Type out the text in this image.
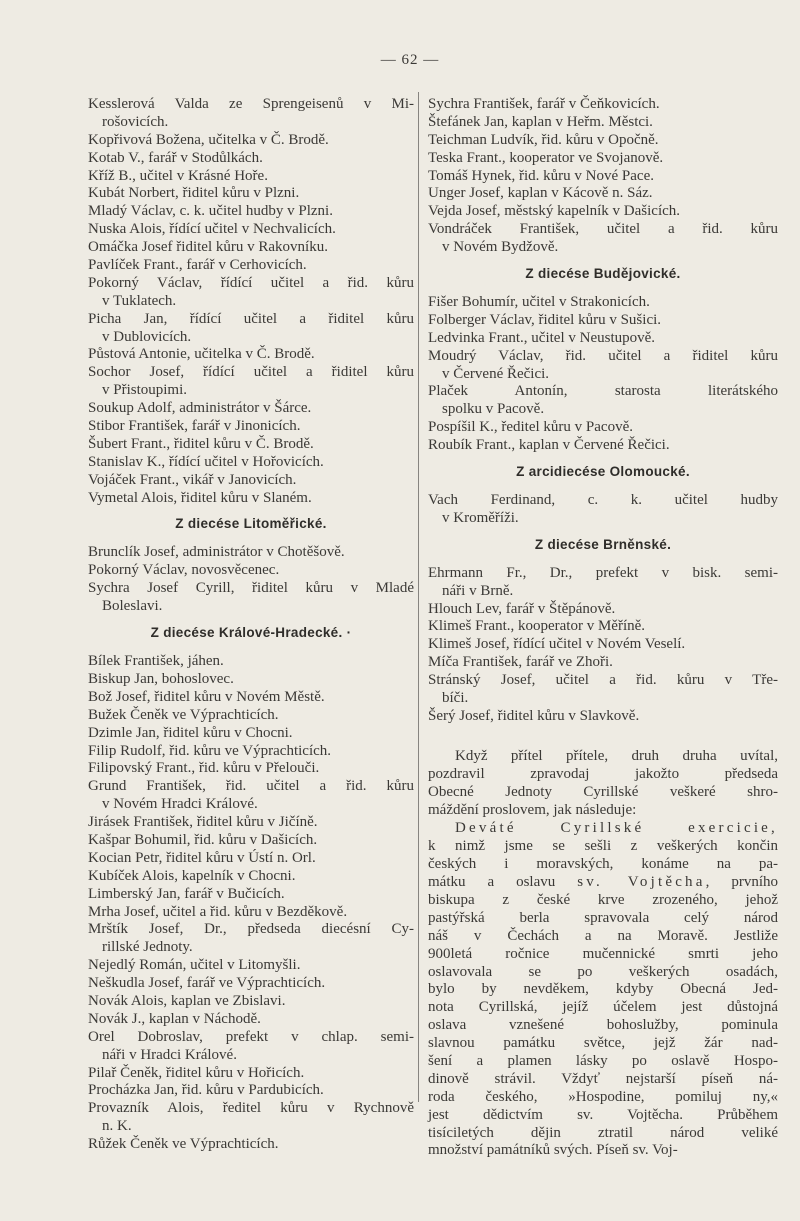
— 62 —
Kesslerová Valda ze Sprengeisenů v Mi-
rošovicích.
Kopřivová Božena, učitelka v Č. Brodě.
Kotab V., farář v Stodůlkách.
Kříž B., učitel v Krásné Hoře.
Kubát Norbert, řiditel kůru v Plzni.
Mladý Václav, c. k. učitel hudby v Plzni.
Nuska Alois, řídící učitel v Nechvalicích.
Omáčka Josef řiditel kůru v Rakovníku.
Pavlíček Frant., farář v Cerhovicích.
Pokorný Václav, řídící učitel a řid. kůru
v Tuklatech.
Picha Jan, řídící učitel a řiditel kůru
v Dublovicích.
Půstová Antonie, učitelka v Č. Brodě.
Sochor Josef, řídící učitel a řiditel kůru
v Přistoupimi.
Soukup Adolf, administrátor v Šárce.
Stibor František, farář v Jinonicích.
Šubert Frant., řiditel kůru v Č. Brodě.
Stanislav K., řídící učitel v Hořovicích.
Vojáček Frant., vikář v Janovicích.
Vymetal Alois, řiditel kůru v Slaném.
Z diecése Litoměřické.
Brunclík Josef, administrátor v Chotěšově.
Pokorný Václav, novosvěcenec.
Sychra Josef Cyrill, řiditel kůru v Mladé
Boleslavi.
Z diecése Králové-Hradecké. ·
Bílek František, jáhen.
Biskup Jan, bohoslovec.
Bož Josef, řiditel kůru v Novém Městě.
Bužek Čeněk ve Výprachticích.
Dzimle Jan, řiditel kůru v Chocni.
Filip Rudolf, řid. kůru ve Výprachticích.
Filipovský Frant., řid. kůru v Přelouči.
Grund František, řid. učitel a řid. kůru
v Novém Hradci Králové.
Jirásek František, řiditel kůru v Jičíně.
Kašpar Bohumil, řid. kůru v Dašicích.
Kocian Petr, řiditel kůru v Ústí n. Orl.
Kubíček Alois, kapelník v Chocni.
Limberský Jan, farář v Bučicích.
Mrha Josef, učitel a řid. kůru v Bezděkově.
Mrštík Josef, Dr., předseda diecésní Cy-
rillské Jednoty.
Nejedlý Román, učitel v Litomyšli.
Neškudla Josef, farář ve Výprachticích.
Novák Alois, kaplan ve Zbislavi.
Novák J., kaplan v Náchodě.
Orel Dobroslav, prefekt v chlap. semi-
náři v Hradci Králové.
Pilař Čeněk, řiditel kůru v Hořicích.
Procházka Jan, řid. kůru v Pardubicích.
Provazník Alois, ředitel kůru v Rychnově
n. K.
Růžek Čeněk ve Výprachticích.
Sychra František, farář v Čeňkovicích.
Štefánek Jan, kaplan v Heřm. Městci.
Teichman Ludvík, řid. kůru v Opočně.
Teska Frant., kooperator ve Svojanově.
Tomáš Hynek, řid. kůru v Nové Pace.
Unger Josef, kaplan v Kácově n. Sáz.
Vejda Josef, městský kapelník v Dašicích.
Vondráček František, učitel a řid. kůru
v Novém Bydžově.
Z diecése Budějovické.
Fišer Bohumír, učitel v Strakonicích.
Folberger Václav, řiditel kůru v Sušici.
Ledvinka Frant., učitel v Neustupově.
Moudrý Václav, řid. učitel a řiditel kůru
v Červené Řečici.
Plaček Antonín, starosta literátského
spolku v Pacově.
Pospíšil K., ředitel kůru v Pacově.
Roubík Frant., kaplan v Červené Řečici.
Z arcidiecése Olomoucké.
Vach Ferdinand, c. k. učitel hudby
v Kroměříži.
Z diecése Brněnské.
Ehrmann Fr., Dr., prefekt v bisk. semi-
náři v Brně.
Hlouch Lev, farář v Štěpánově.
Klimeš Frant., kooperator v Měříně.
Klimeš Josef, řídící učitel v Novém Veselí.
Míča František, farář ve Zhoři.
Stránský Josef, učitel a řid. kůru v Tře-
bíči.
Šerý Josef, řiditel kůru v Slavkově.
Když přítel přítele, druh druha uvítal,
pozdravil zpravodaj jakožto předseda
Obecné Jednoty Cyrillské veškeré shro-
máždění proslovem, jak následuje:
Deváté Cyrillské exercicie,
k nimž jsme se sešli z veškerých končin
českých i moravských, konáme na pa-
mátku a oslavu sv. Vojtěcha, prvního
biskupa z české krve zrozeného, jehož
pastýřská berla spravovala celý národ
náš v Čechách a na Moravě. Jestliže
900letá ročnice mučennické smrti jeho
oslavovala se po veškerých osadách,
bylo by nevděkem, kdyby Obecná Jed-
nota Cyrillská, jejíž účelem jest důstojná
oslava vznešené bohoslužby, pominula
slavnou památku světce, jejž žár nad-
šení a plamen lásky po oslavě Hospo-
dinově strávil. Vždyť nejstarší píseň ná-
roda českého, »Hospodine, pomiluj ny,«
jest dědictvím sv. Vojtěcha. Průběhem
tisíciletých dějin ztratil národ veliké
množství památníků svých. Píseň sv. Voj-
